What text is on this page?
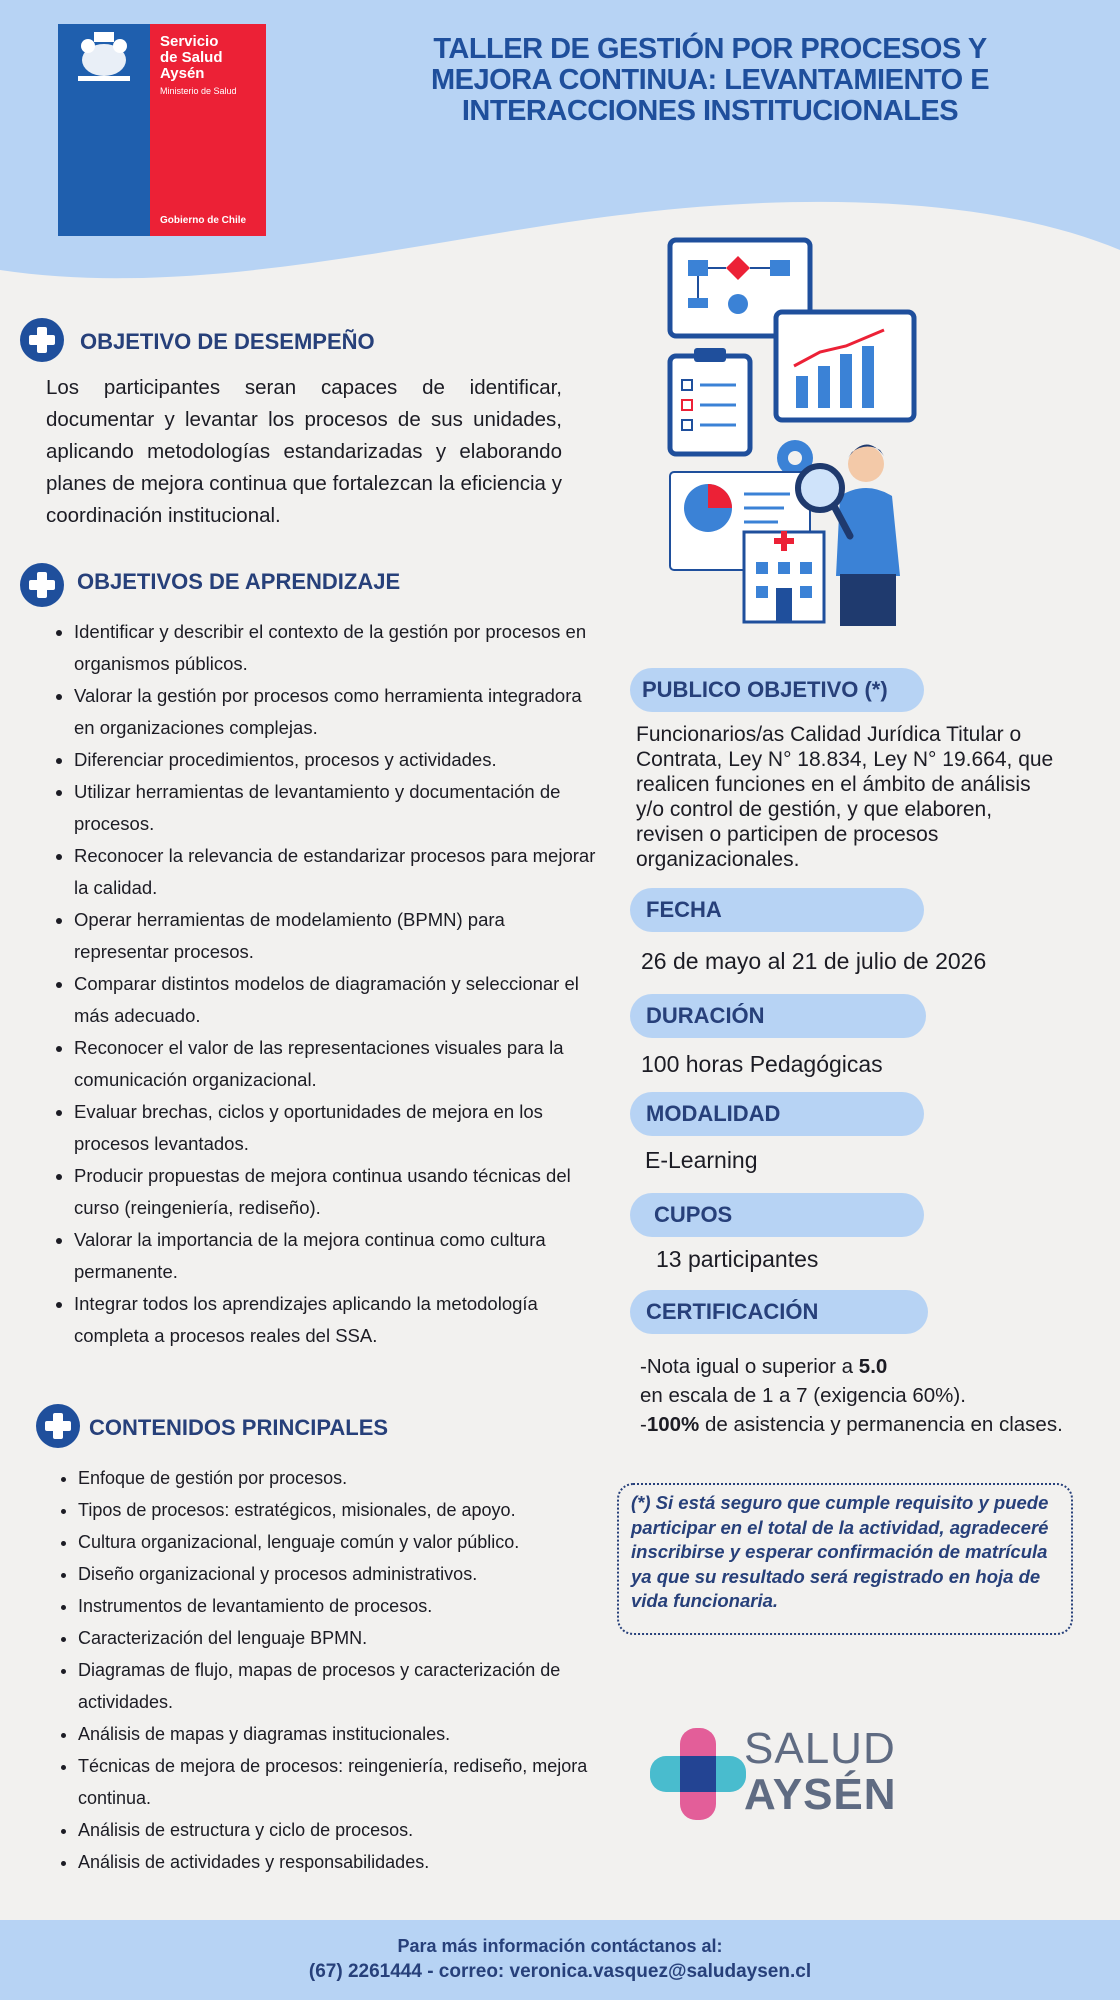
Servicio
de Salud
Aysén
Ministerio de Salud
Gobierno de Chile
TALLER DE GESTIÓN POR PROCESOS Y
MEJORA CONTINUA: LEVANTAMIENTO E
INTERACCIONES INSTITUCIONALES
OBJETIVO DE DESEMPEÑO
Los participantes seran capaces de identificar, documentar y levantar los procesos de sus unidades, aplicando metodologías estandarizadas y elaborando planes de mejora continua que fortalezcan la eficiencia y coordinación institucional.
OBJETIVOS DE APRENDIZAJE
• Identificar y describir el contexto de la gestión por procesos en organismos públicos.
• Valorar la gestión por procesos como herramienta integradora en organizaciones complejas.
• Diferenciar procedimientos, procesos y actividades.
• Utilizar herramientas de levantamiento y documentación de procesos.
• Reconocer la relevancia de estandarizar procesos para mejorar la calidad.
• Operar herramientas de modelamiento (BPMN) para representar procesos.
• Comparar distintos modelos de diagramación y seleccionar el más adecuado.
• Reconocer el valor de las representaciones visuales para la comunicación organizacional.
• Evaluar brechas, ciclos y oportunidades de mejora en los procesos levantados.
• Producir propuestas de mejora continua usando técnicas del curso (reingeniería, rediseño).
• Valorar la importancia de la mejora continua como cultura permanente.
• Integrar todos los aprendizajes aplicando la metodología completa a procesos reales del SSA.
CONTENIDOS PRINCIPALES
• Enfoque de gestión por procesos.
• Tipos de procesos: estratégicos, misionales, de apoyo.
• Cultura organizacional, lenguaje común y valor público.
• Diseño organizacional y procesos administrativos.
• Instrumentos de levantamiento de procesos.
• Caracterización del lenguaje BPMN.
• Diagramas de flujo, mapas de procesos y caracterización de actividades.
• Análisis de mapas y diagramas institucionales.
• Técnicas de mejora de procesos: reingeniería, rediseño, mejora continua.
• Análisis de estructura y ciclo de procesos.
• Análisis de actividades y responsabilidades.
PUBLICO OBJETIVO (*)
Funcionarios/as Calidad Jurídica Titular o Contrata, Ley N° 18.834, Ley N° 19.664, que realicen funciones en el ámbito de análisis y/o control de gestión, y que elaboren, revisen o participen de procesos organizacionales.
FECHA
26 de mayo al 21 de julio de 2026
DURACIÓN
100 horas Pedagógicas
MODALIDAD
E-Learning
CUPOS
13 participantes
CERTIFICACIÓN
-Nota igual o superior a 5.0
en escala de 1 a 7 (exigencia 60%).
-100% de asistencia y permanencia en clases.
(*) Si está seguro que cumple requisito y puede participar en el total de la actividad, agradeceré inscribirse y esperar confirmación de matrícula ya que su resultado será registrado en hoja de vida funcionaria.
SALUD
AYSÉN
Para más información contáctanos al:
(67) 2261444 - correo: veronica.vasquez@saludaysen.cl
